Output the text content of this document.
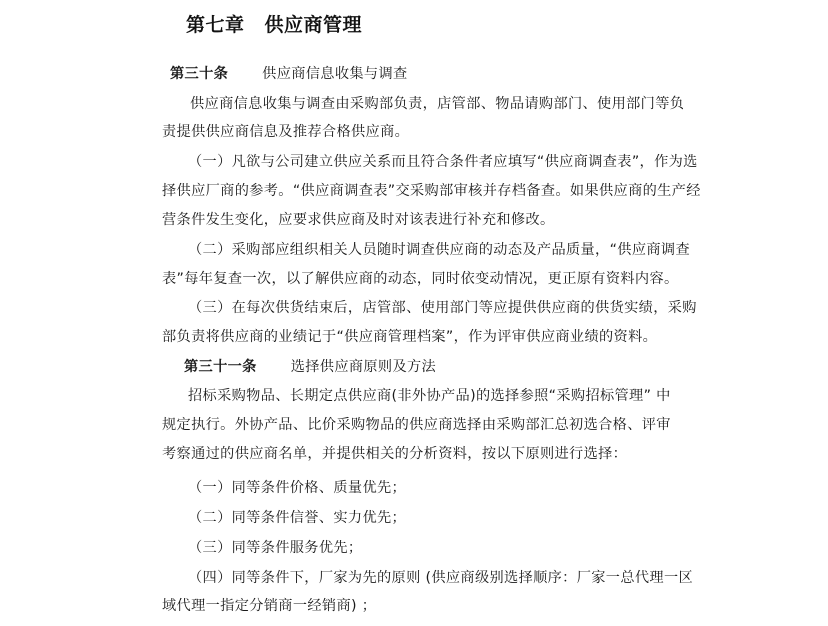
第七章 供应商管理
第三十条 供应商信息收集与调查
供应商信息收集与调查由采购部负责，店管部、物品请购部门、使用部门等负
责提供供应商信息及推荐合格供应商。
（一）凡欲与公司建立供应关系而且符合条件者应填写“供应商调查表”，作为选
择供应厂商的参考。“供应商调查表”交采购部审核并存档备查。如果供应商的生产经
营条件发生变化，应要求供应商及时对该表进行补充和修改。
（二）采购部应组织相关人员随时调查供应商的动态及产品质量，“供应商调查
表”每年复查一次，以了解供应商的动态，同时依变动情况，更正原有资料内容。
（三）在每次供货结束后，店管部、使用部门等应提供供应商的供货实绩，采购
部负责将供应商的业绩记于“供应商管理档案”，作为评审供应商业绩的资料。
第三十一条 选择供应商原则及方法
招标采购物品、长期定点供应商(非外协产品)的选择参照“采购招标管理” 中
规定执行。外协产品、比价采购物品的供应商选择由采购部汇总初选合格、评审
考察通过的供应商名单，并提供相关的分析资料，按以下原则进行选择：
（一）同等条件价格、质量优先；
（二）同等条件信誉、实力优先；
（三）同等条件服务优先；
（四）同等条件下，厂家为先的原则 (供应商级别选择顺序：厂家一总代理一区
域代理一指定分销商一经销商) ；
